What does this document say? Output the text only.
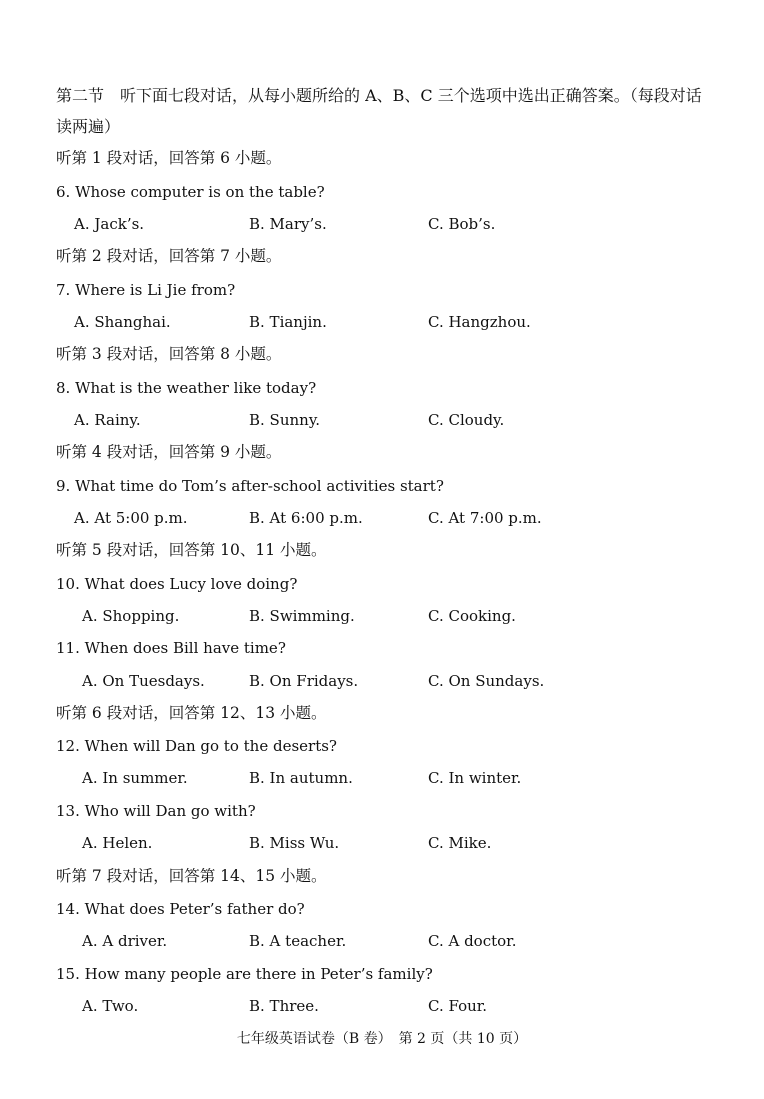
第二节　听下面七段对话，从每小题所给的 A、B、C 三个选项中选出正确答案。（每段对话读两遍）
听第 1 段对话，回答第 6 小题。
6. Whose computer is on the table?
A. Jack’s.	B. Mary’s.	C. Bob’s.
听第 2 段对话，回答第 7 小题。
7. Where is Li Jie from?
A. Shanghai.	B. Tianjin.	C. Hangzhou.
听第 3 段对话，回答第 8 小题。
8. What is the weather like today?
A. Rainy.	B. Sunny.	C. Cloudy.
听第 4 段对话，回答第 9 小题。
9. What time do Tom’s after-school activities start?
A. At 5:00 p.m.	B. At 6:00 p.m.	C. At 7:00 p.m.
听第 5 段对话，回答第 10、11 小题。
10. What does Lucy love doing?
A. Shopping.	B. Swimming.	C. Cooking.
11. When does Bill have time?
A. On Tuesdays.	B. On Fridays.	C. On Sundays.
听第 6 段对话，回答第 12、13 小题。
12. When will Dan go to the deserts?
A. In summer.	B. In autumn.	C. In winter.
13. Who will Dan go with?
A. Helen.	B. Miss Wu.	C. Mike.
听第 7 段对话，回答第 14、15 小题。
14. What does Peter’s father do?
A. A driver.	B. A teacher.	C. A doctor.
15. How many people are there in Peter’s family?
A. Two.	B. Three.	C. Four.
七年级英语试卷（B 卷）　第 2 页（共 10 页）
